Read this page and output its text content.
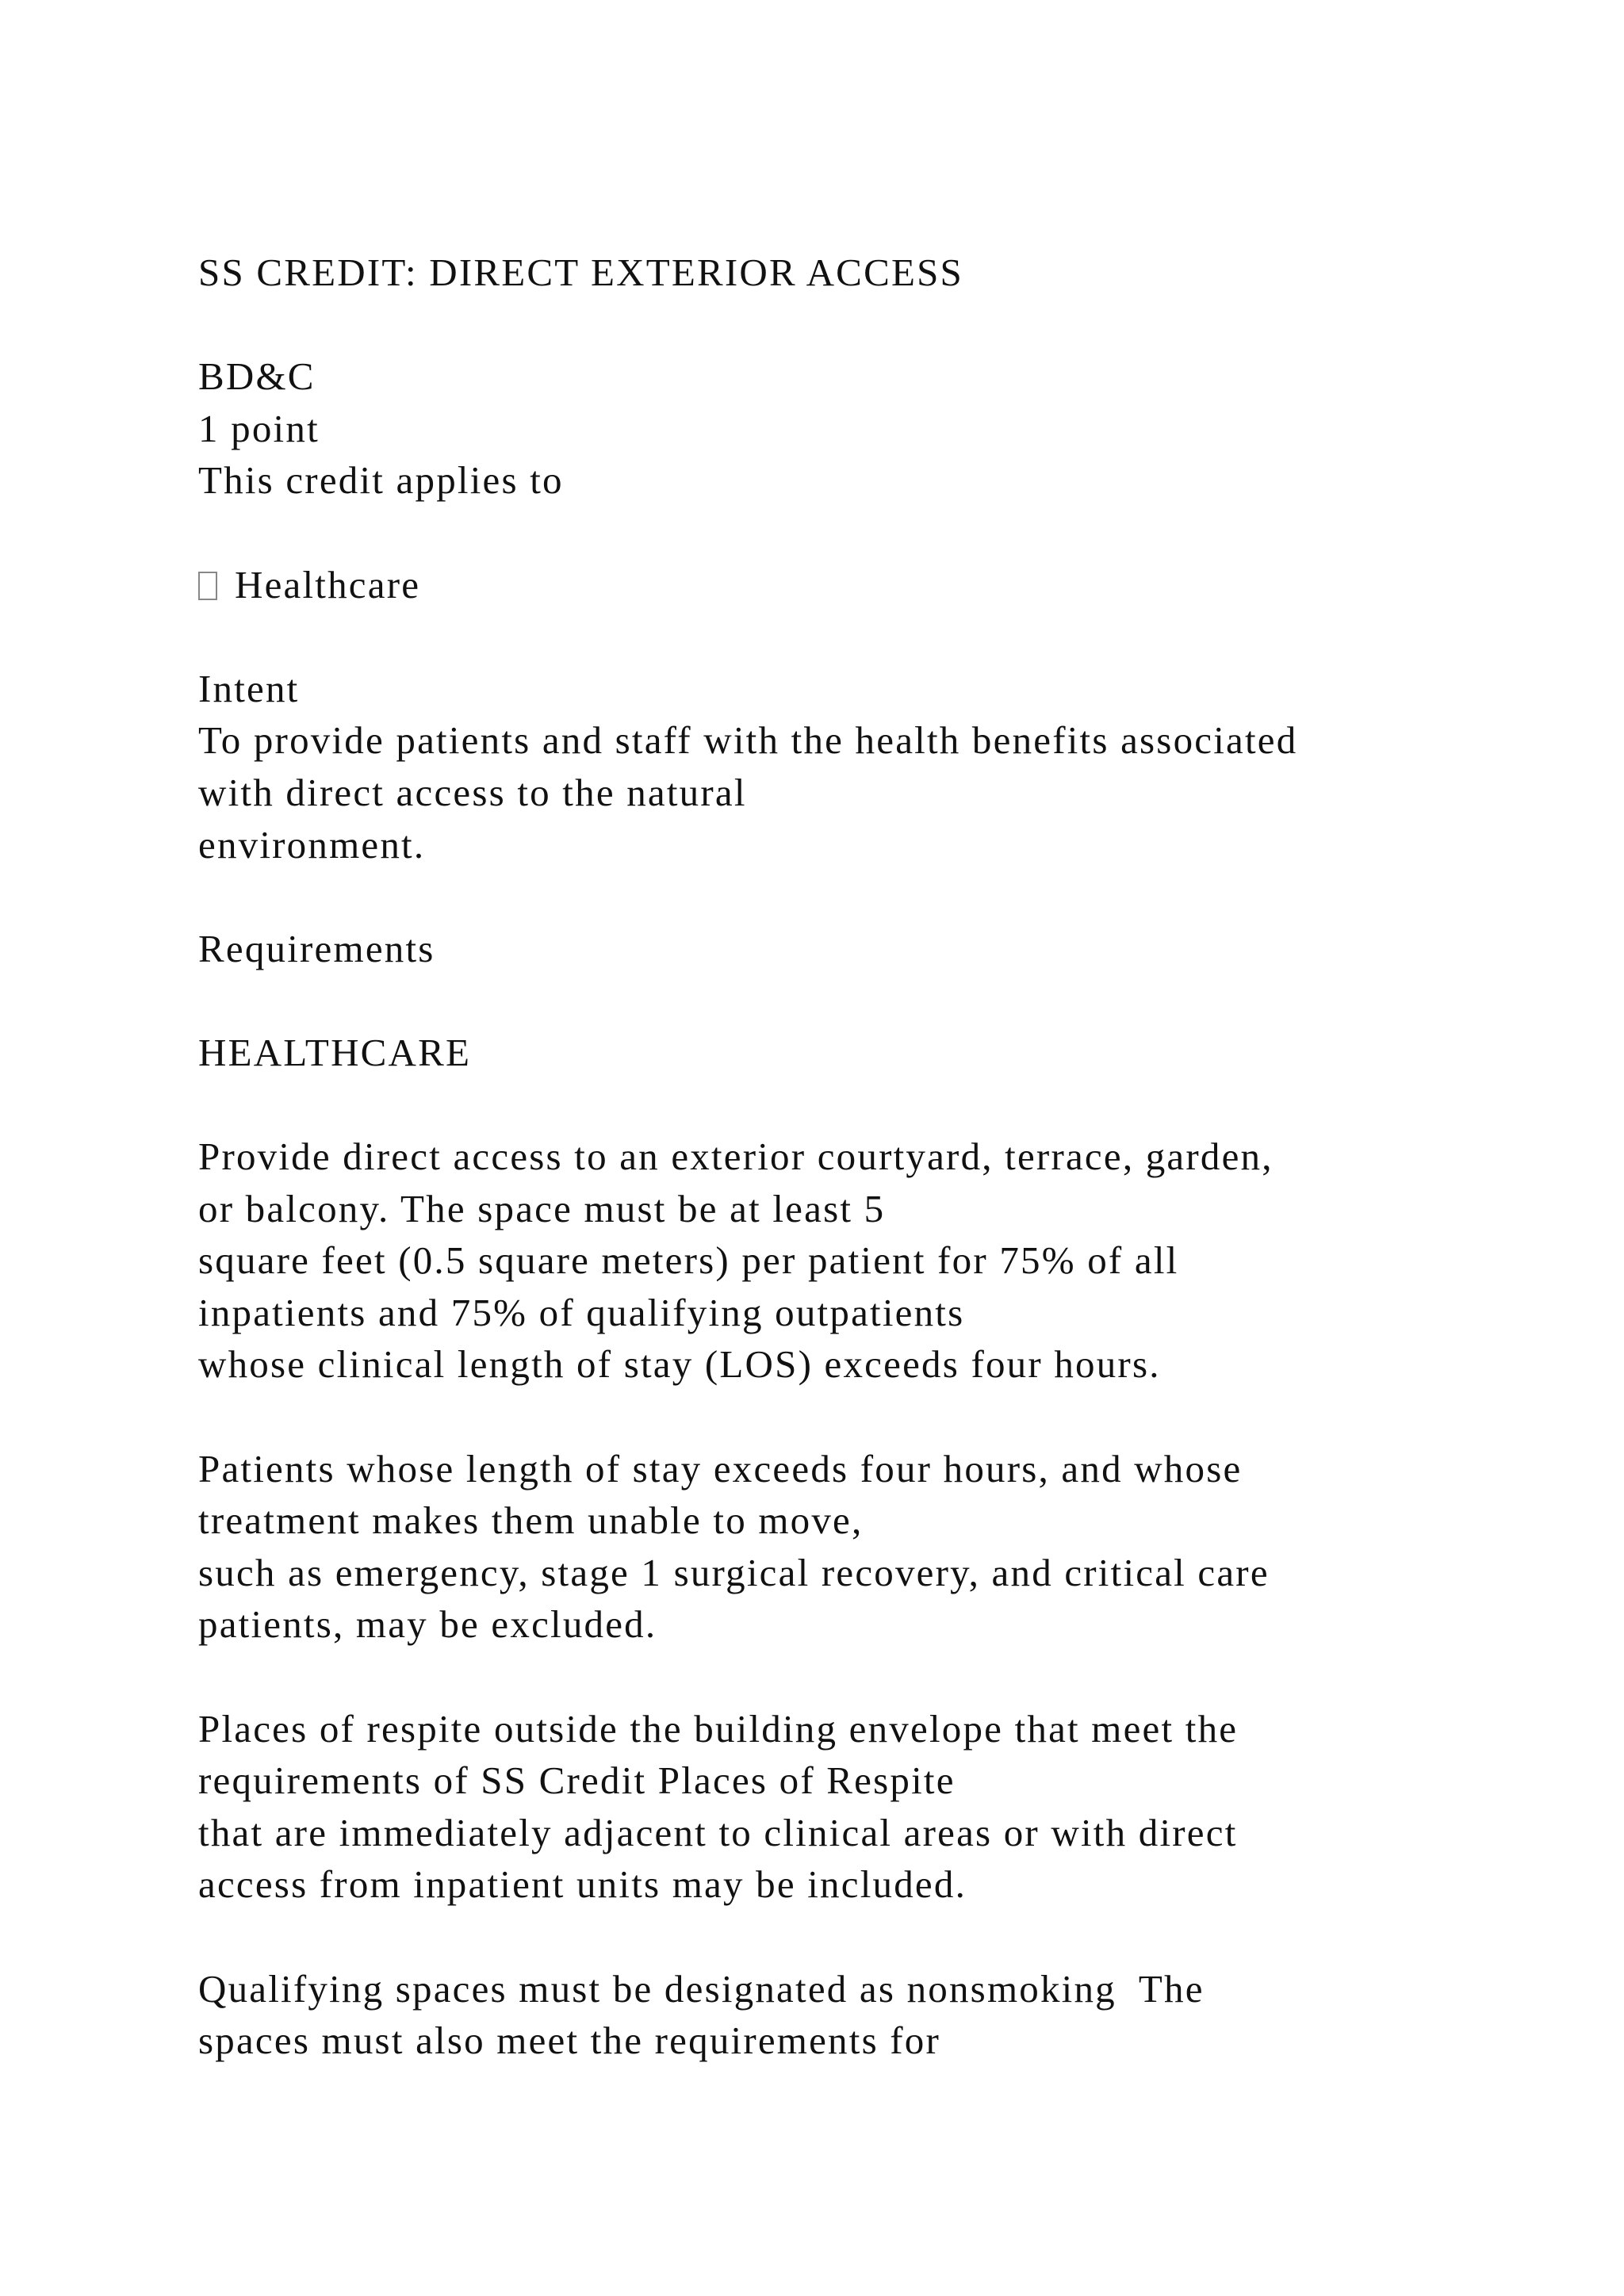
SS CREDIT: DIRECT EXTERIOR ACCESS
BD&C
1 point
This credit applies to
Healthcare
Intent
To provide patients and staff with the health benefits associated
with direct access to the natural
environment.
Requirements
HEALTHCARE
Provide direct access to an exterior courtyard, terrace, garden,
or balcony. The space must be at least 5
square feet (0.5 square meters) per patient for 75% of all
inpatients and 75% of qualifying outpatients
whose clinical length of stay (LOS) exceeds four hours.
Patients whose length of stay exceeds four hours, and whose
treatment makes them unable to move,
such as emergency, stage 1 surgical recovery, and critical care
patients, may be excluded.
Places of respite outside the building envelope that meet the
requirements of SS Credit Places of Respite
that are immediately adjacent to clinical areas or with direct
access from inpatient units may be included.
Qualifying spaces must be designated as nonsmoking  The
spaces must also meet the requirements for
